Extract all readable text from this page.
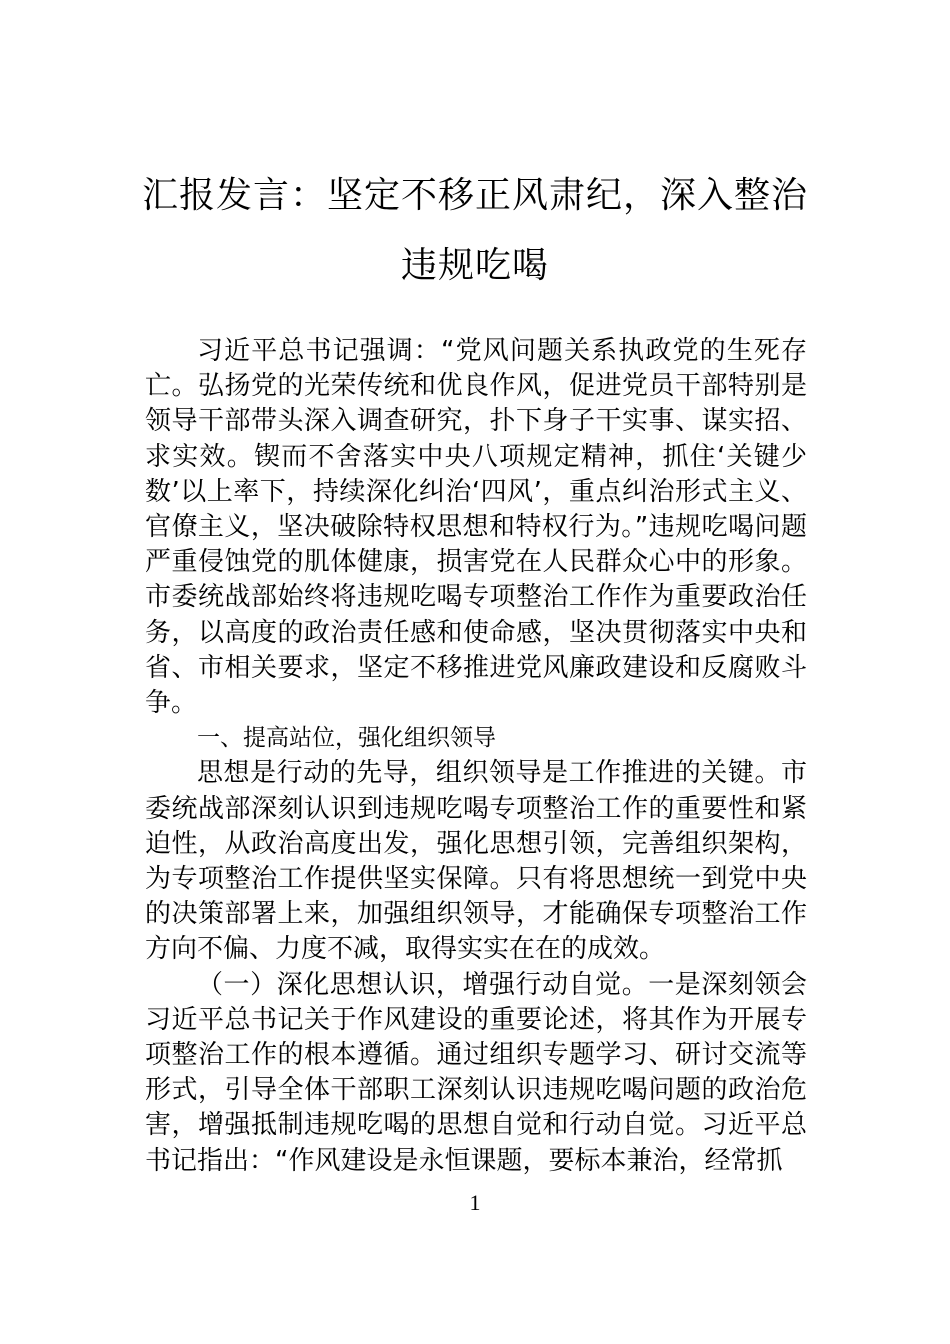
汇报发言：坚定不移正风肃纪，深入整治
违规吃喝

习近平总书记强调：“党风问题关系执政党的生死存亡。弘扬党的光荣传统和优良作风，促进党员干部特别是领导干部带头深入调查研究，扑下身子干实事、谋实招、求实效。锲而不舍落实中央八项规定精神，抓住‘关键少数’以上率下，持续深化纠治‘四风’，重点纠治形式主义、官僚主义，坚决破除特权思想和特权行为。”违规吃喝问题严重侵蚀党的肌体健康，损害党在人民群众心中的形象。市委统战部始终将违规吃喝专项整治工作作为重要政治任务，以高度的政治责任感和使命感，坚决贯彻落实中央和省、市相关要求，坚定不移推进党风廉政建设和反腐败斗争。

一、提高站位，强化组织领导

思想是行动的先导，组织领导是工作推进的关键。市委统战部深刻认识到违规吃喝专项整治工作的重要性和紧迫性，从政治高度出发，强化思想引领，完善组织架构，为专项整治工作提供坚实保障。只有将思想统一到党中央的决策部署上来，加强组织领导，才能确保专项整治工作方向不偏、力度不减，取得实实在在的成效。

（一）深化思想认识，增强行动自觉。一是深刻领会习近平总书记关于作风建设的重要论述，将其作为开展专项整治工作的根本遵循。通过组织专题学习、研讨交流等形式，引导全体干部职工深刻认识违规吃喝问题的政治危害，增强抵制违规吃喝的思想自觉和行动自觉。习近平总书记指出：“作风建设是永恒课题，要标本兼治，经常抓

1
